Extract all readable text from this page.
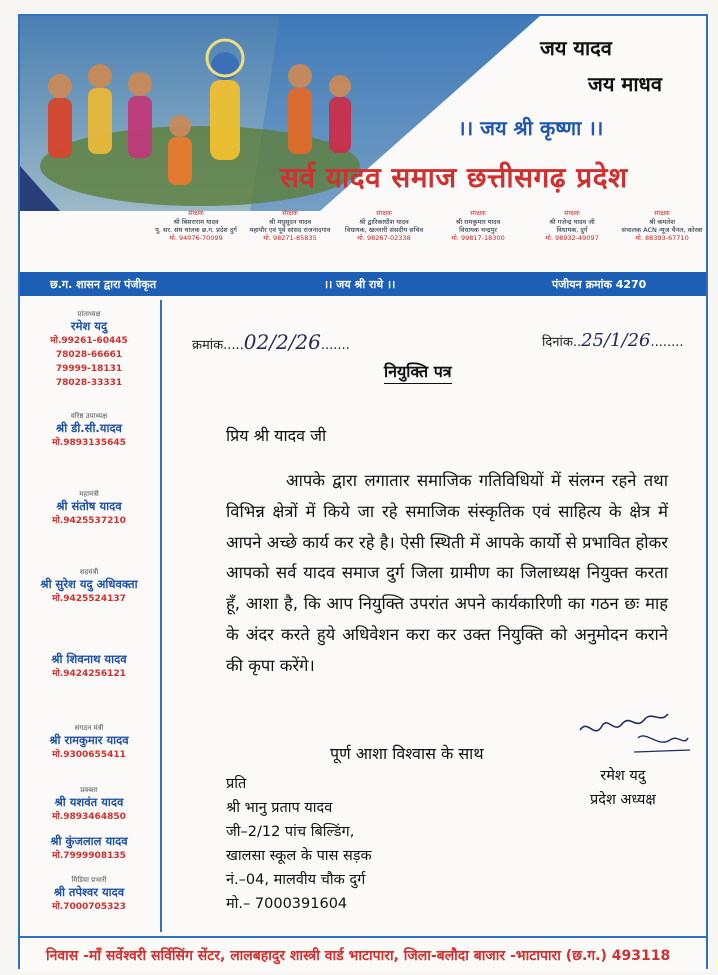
जय यादव
जय माधव
।। जय श्री कृष्णा ।।
सर्व यादव समाज छत्तीसगढ़ प्रदेश
संरक्षक
श्री बिसराराम यादव
पू. सर. संघ चालक छ.ग. प्रदेश दुर्ग
मो. 94076-70099
संरक्षक
श्री मधुसूदन यादव
महापौर एवं पूर्व सांसद राजनांदगांव
मो. 98271-85835
संरक्षक
श्री द्वारिकाधीश यादव
विधायक, खल्लारी संसदीय सचिव
मो. 98267-02338
संरक्षक
श्री रामकुमार यादव
विधायक चन्द्रपुर
मो. 99817-18300
संरक्षक
श्री गजेन्द्र यादव जी
विधायक, दुर्ग
मो. 98932-49097
संरक्षक
श्री कमलेश
संचालक ACN न्यूज चैनल, कोरबा
मो. 88393-67710
छ.ग. शासन द्वारा पंजीकृत	।। जय श्री राधे ।।	पंजीयन क्रमांक 4270
प्रांताध्यक्ष
रमेश यदु
मो.99261-60445
78028-66661
79999-18131
78028-33331
वरिष्ठ उपाध्यक्ष
श्री डी.सी.यादव
मो.9893135645
महामंत्री
श्री संतोष यादव
मो.9425537210
सहमंत्री
श्री सुरेश यदु अधिवक्ता
मो.9425524137
श्री शिवनाथ यादव
मो.9424256121
संगठन मंत्री
श्री रामकुमार यादव
मो.9300655411
प्रवक्ता
श्री यशवंत यादव
मो.9893464850
श्री कुंजलाल यादव
मो.7999908135
मिडिया प्रभारी
श्री तपेश्वर यादव
मो.7000705323
क्रमांक.....02/2/26.......	दिनांक..25/1/26........
नियुक्ति पत्र
प्रिय श्री यादव जी
आपके द्वारा लगातार समाजिक गतिविधियों में संलग्न रहने तथा विभिन्न क्षेत्रों में किये जा रहे समाजिक संस्कृतिक एवं साहित्य के क्षेत्र में आपने अच्छे कार्य कर रहे है। ऐसी स्थिती में आपके कार्यो से प्रभावित होकर आपको सर्व यादव समाज दुर्ग जिला ग्रामीण का जिलाध्यक्ष नियुक्त करता हूँ, आशा है, कि आप नियुक्ति उपरांत अपने कार्यकारिणी का गठन छः माह के अंदर करते हुये अधिवेशन करा कर उक्त नियुक्ति को अनुमोदन कराने की कृपा करेंगे।
पूर्ण आशा विश्वास के साथ
प्रति
श्री भानु प्रताप यादव
जी–2/12 पांच बिल्डिंग,
खालसा स्कूल के पास सड़क
नं.–04, मालवीय चौक दुर्ग
मो.– 7000391604
रमेश यदु
प्रदेश अध्यक्ष
निवास -माँ सर्वेश्वरी सर्विसिंग सेंटर, लालबहादुर शास्त्री वार्ड भाटापारा, जिला-बलौदा बाजार -भाटापारा (छ.ग.) 493118
